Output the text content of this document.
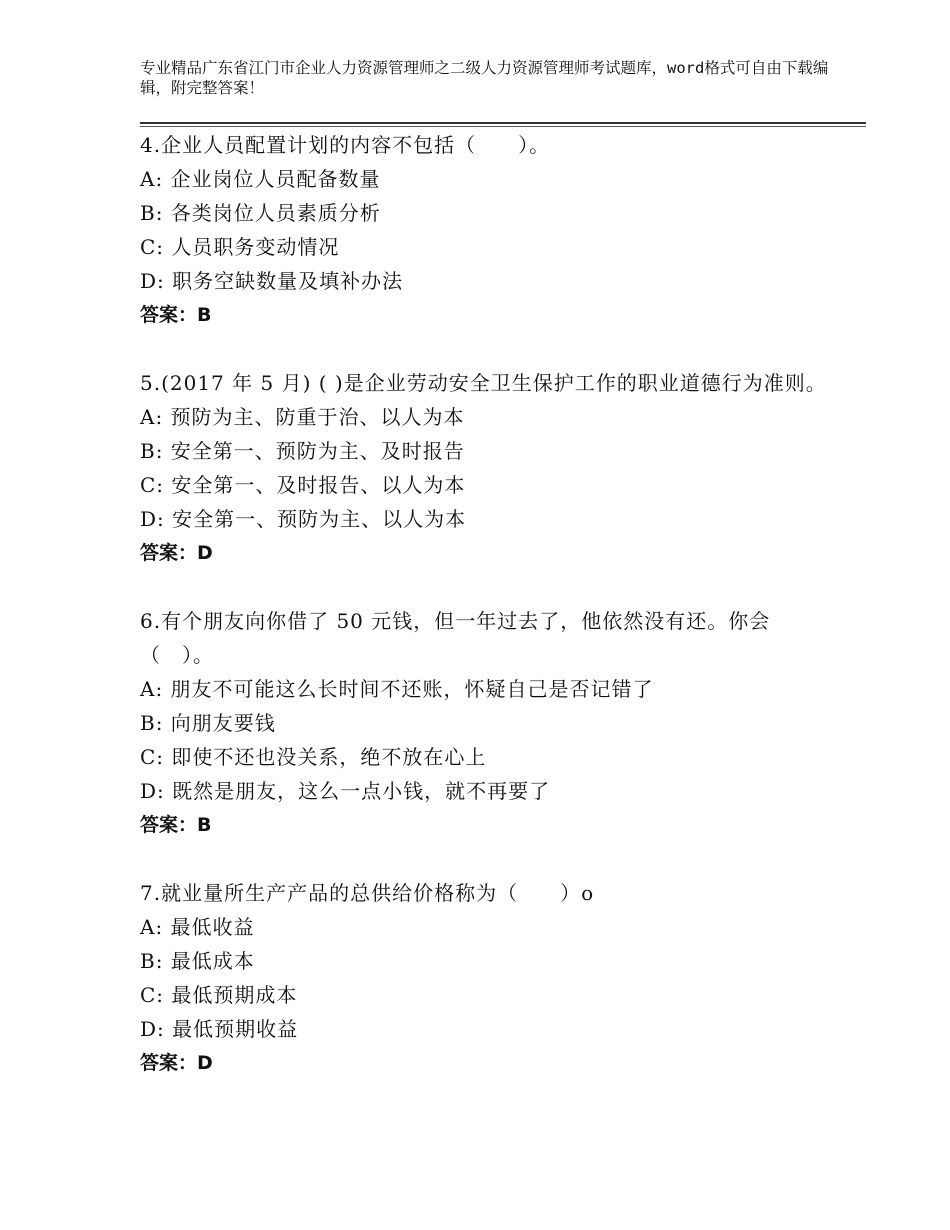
专业精品广东省江门市企业人力资源管理师之二级人力资源管理师考试题库，word格式可自由下载编辑，附完整答案！

4.企业人员配置计划的内容不包括（　　）。

A: 企业岗位人员配备数量

B: 各类岗位人员素质分析

C: 人员职务变动情况

D: 职务空缺数量及填补办法

答案：B

5.(2017 年 5 月) ( )是企业劳动安全卫生保护工作的职业道德行为准则。

A: 预防为主、防重于治、以人为本

B: 安全第一、预防为主、及时报告

C: 安全第一、及时报告、以人为本

D: 安全第一、预防为主、以人为本

答案：D

6.有个朋友向你借了 50 元钱，但一年过去了，他依然没有还。你会（　）。

A: 朋友不可能这么长时间不还账，怀疑自己是否记错了

B: 向朋友要钱

C: 即使不还也没关系，绝不放在心上

D: 既然是朋友，这么一点小钱，就不再要了

答案：B

7.就业量所生产产品的总供给价格称为（　　）o

A: 最低收益

B: 最低成本

C: 最低预期成本

D: 最低预期收益

答案：D
